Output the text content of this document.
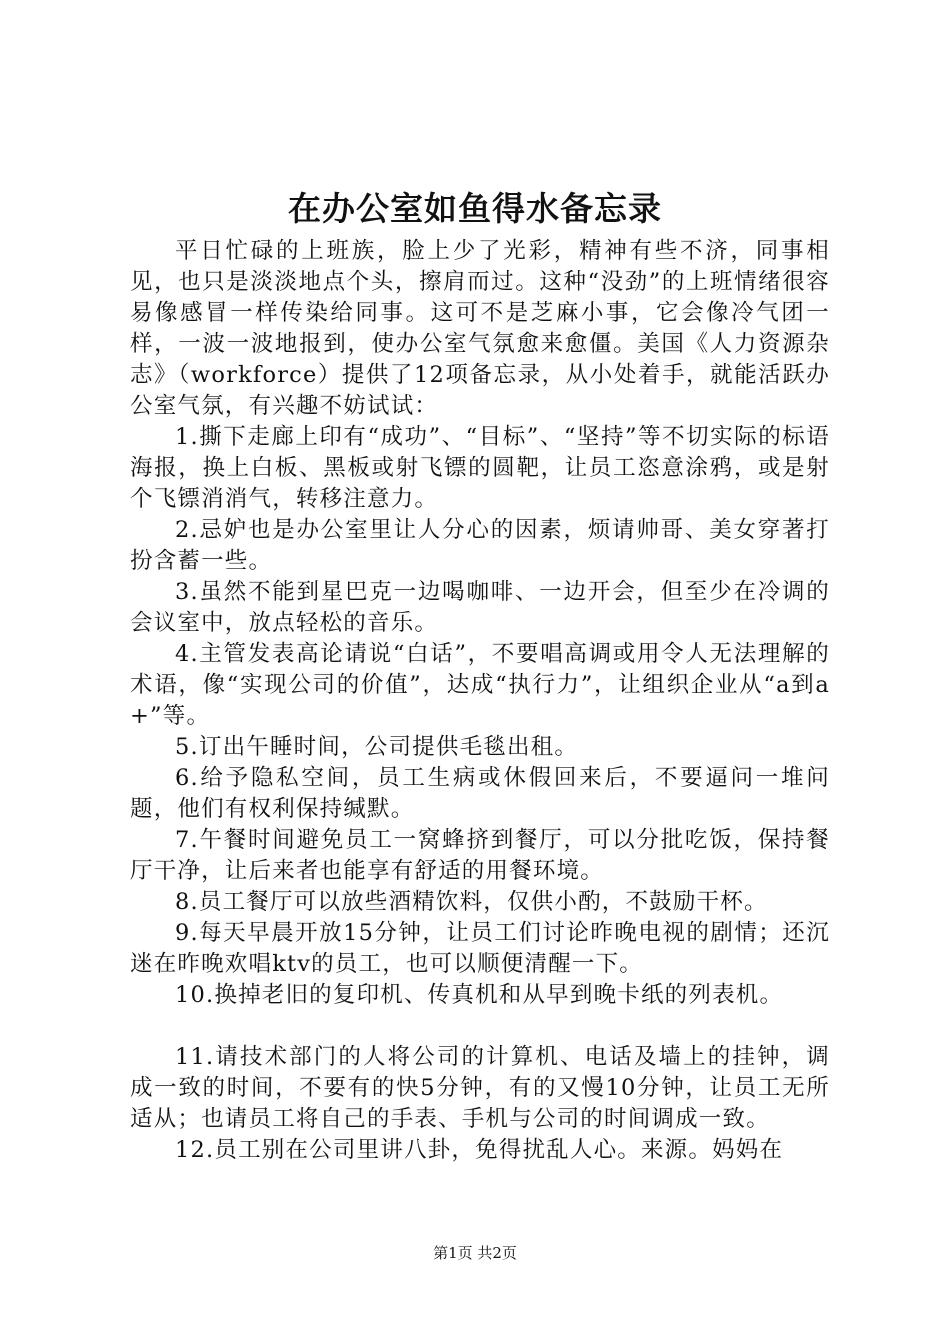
在办公室如鱼得水备忘录

平日忙碌的上班族，脸上少了光彩，精神有些不济，同事相见，也只是淡淡地点个头，擦肩而过。这种“没劲”的上班情绪很容易像感冒一样传染给同事。这可不是芝麻小事，它会像冷气团一样，一波一波地报到，使办公室气氛愈来愈僵。美国《人力资源杂志》（workforce）提供了12项备忘录，从小处着手，就能活跃办公室气氛，有兴趣不妨试试：

1.撕下走廊上印有“成功”、“目标”、“坚持”等不切实际的标语海报，换上白板、黑板或射飞镖的圆靶，让员工恣意涂鸦，或是射个飞镖消消气，转移注意力。

2.忌妒也是办公室里让人分心的因素，烦请帅哥、美女穿著打扮含蓄一些。

3.虽然不能到星巴克一边喝咖啡、一边开会，但至少在冷调的会议室中，放点轻松的音乐。

4.主管发表高论请说“白话”，不要唱高调或用令人无法理解的术语，像“实现公司的价值”，达成“执行力”，让组织企业从“a到a+”等。

5.订出午睡时间，公司提供毛毯出租。

6.给予隐私空间，员工生病或休假回来后，不要逼问一堆问题，他们有权利保持缄默。

7.午餐时间避免员工一窝蜂挤到餐厅，可以分批吃饭，保持餐厅干净，让后来者也能享有舒适的用餐环境。

8.员工餐厅可以放些酒精饮料，仅供小酌，不鼓励干杯。

9.每天早晨开放15分钟，让员工们讨论昨晚电视的剧情；还沉迷在昨晚欢唱ktv的员工，也可以顺便清醒一下。

10.换掉老旧的复印机、传真机和从早到晚卡纸的列表机。

11.请技术部门的人将公司的计算机、电话及墙上的挂钟，调成一致的时间，不要有的快5分钟，有的又慢10分钟，让员工无所适从；也请员工将自己的手表、手机与公司的时间调成一致。

12.员工别在公司里讲八卦，免得扰乱人心。来源。妈妈在

第1页 共2页
